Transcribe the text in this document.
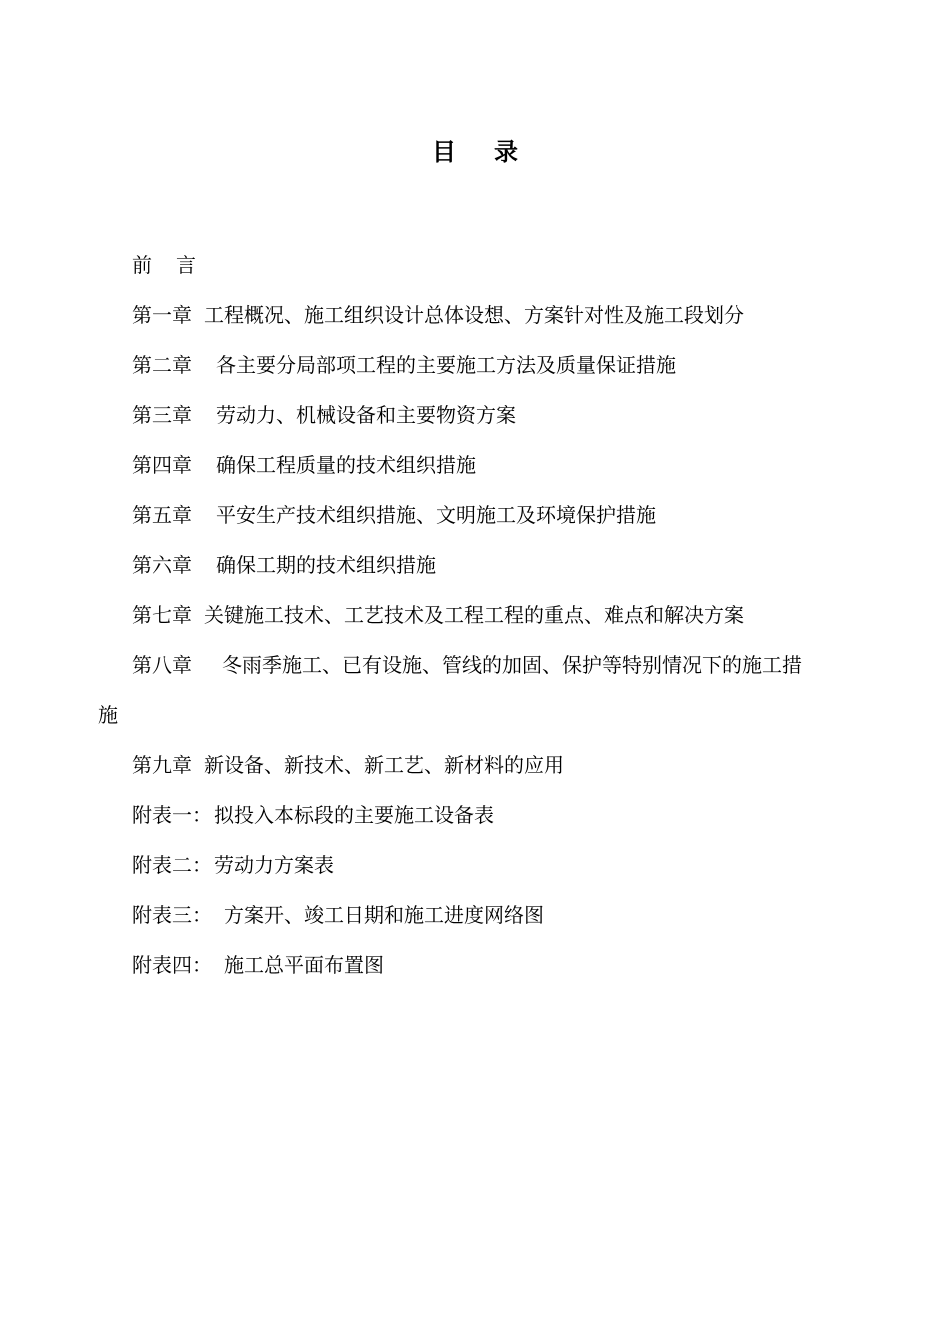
目 录
前 言
第一章 工程概况、施工组织设计总体设想、方案针对性及施工段划分
第二章 各主要分局部项工程的主要施工方法及质量保证措施
第三章 劳动力、机械设备和主要物资方案
第四章 确保工程质量的技术组织措施
第五章 平安生产技术组织措施、文明施工及环境保护措施
第六章 确保工期的技术组织措施
第七章 关键施工技术、工艺技术及工程工程的重点、难点和解决方案
第八章 冬雨季施工、已有设施、管线的加固、保护等特别情况下的施工措
施
第九章 新设备、新技术、新工艺、新材料的应用
附表一： 拟投入本标段的主要施工设备表
附表二： 劳动力方案表
附表三： 方案开、竣工日期和施工进度网络图
附表四： 施工总平面布置图
